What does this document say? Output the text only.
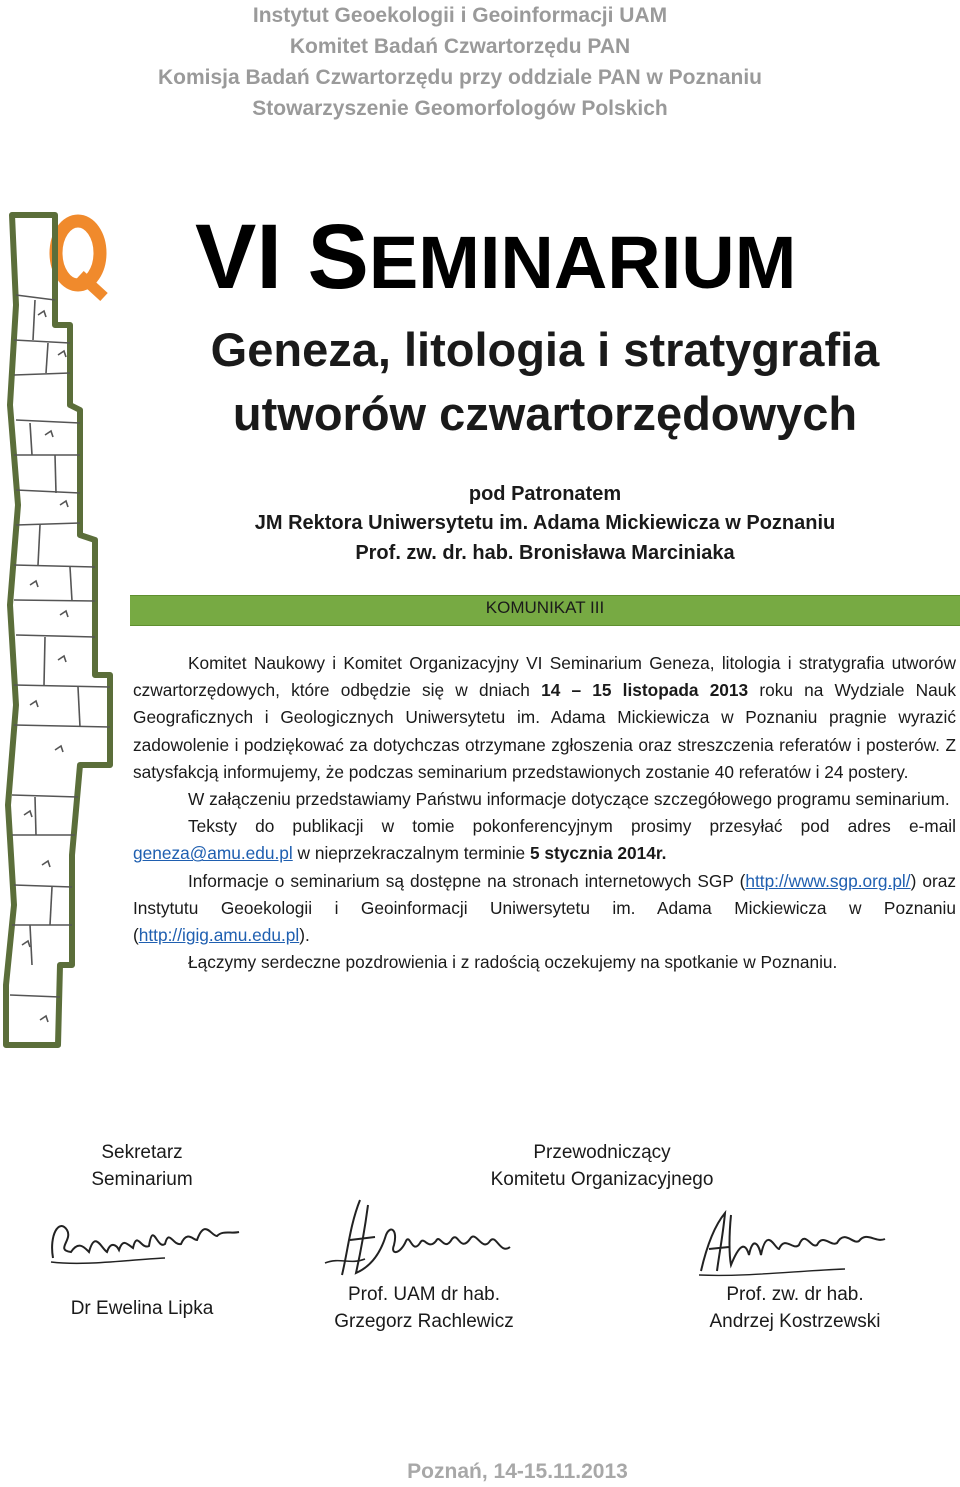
Instytut Geoekologii i Geoinformacji UAM
Komitet Badań Czwartorzędu PAN
Komisja Badań Czwartorzędu przy oddziale PAN w Poznaniu
Stowarzyszenie Geomorfologów Polskich
VI SEMINARIUM
Geneza, litologia i stratygrafia
utworów czwartorzędowych
pod Patronatem
JM Rektora Uniwersytetu im. Adama Mickiewicza w Poznaniu
Prof. zw. dr. hab. Bronisława Marciniaka
KOMUNIKAT III

Komitet Naukowy i Komitet Organizacyjny VI Seminarium Geneza, litologia i stratygrafia utworów czwartorzędowych, które odbędzie się w dniach 14 – 15 listopada 2013 roku na Wydziale Nauk Geograficznych i Geologicznych Uniwersytetu im. Adama Mickiewicza w Poznaniu pragnie wyrazić zadowolenie i podziękować za dotychczas otrzymane zgłoszenia oraz streszczenia referatów i posterów. Z satysfakcją informujemy, że podczas seminarium przedstawionych zostanie 40 referatów i 24 postery.

W załączeniu przedstawiamy Państwu informacje dotyczące szczegółowego programu seminarium.

Teksty do publikacji w tomie pokonferencyjnym prosimy przesyłać pod adres e-mail geneza@amu.edu.pl w nieprzekraczalnym terminie 5 stycznia 2014r.

Informacje o seminarium są dostępne na stronach internetowych SGP (http://www.sgp.org.pl/) oraz Instytutu Geoekologii i Geoinformacji Uniwersytetu im. Adama Mickiewicza w Poznaniu (http://igig.amu.edu.pl).

Łączymy serdeczne pozdrowienia i z radością oczekujemy na spotkanie w Poznaniu.

Sekretarz
Seminarium
Przewodniczący
Komitetu Organizacyjnego
Dr Ewelina Lipka
Prof. UAM dr hab.
Grzegorz Rachlewicz
Prof. zw. dr hab.
Andrzej Kostrzewski
Poznań, 14-15.11.2013
